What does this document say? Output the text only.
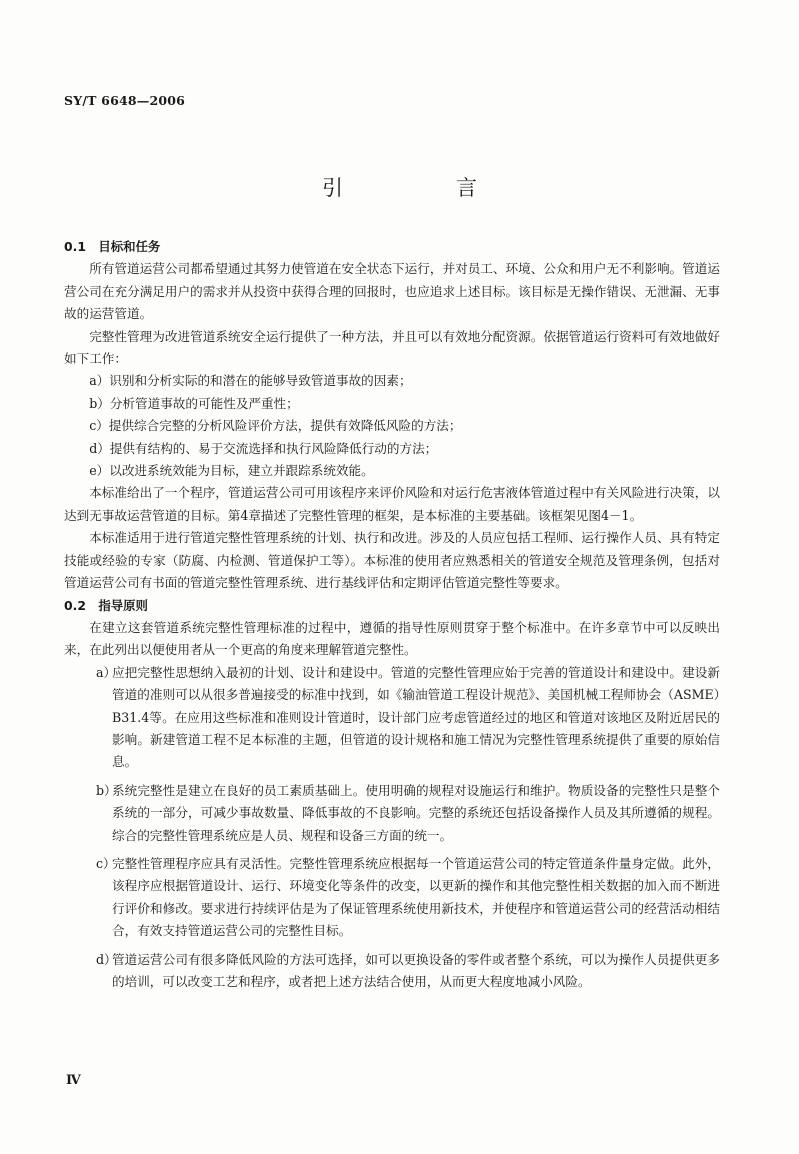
SY/T 6648—2006
引　言

0.1　目标和任务

所有管道运营公司都希望通过其努力使管道在安全状态下运行，并对员工、环境、公众和用户无不利影响。管道运营公司在充分满足用户的需求并从投资中获得合理的回报时，也应追求上述目标。该目标是无操作错误、无泄漏、无事故的运营管道。

完整性管理为改进管道系统安全运行提供了一种方法，并且可以有效地分配资源。依据管道运行资料可有效地做好如下工作：

a）识别和分析实际的和潜在的能够导致管道事故的因素；

b）分析管道事故的可能性及严重性；

c）提供综合完整的分析风险评价方法，提供有效降低风险的方法；

d）提供有结构的、易于交流选择和执行风险降低行动的方法；

e）以改进系统效能为目标，建立并跟踪系统效能。

本标准给出了一个程序，管道运营公司可用该程序来评价风险和对运行危害液体管道过程中有关风险进行决策，以达到无事故运营管道的目标。第4章描述了完整性管理的框架，是本标准的主要基础。该框架见图4－1。

本标准适用于进行管道完整性管理系统的计划、执行和改进。涉及的人员应包括工程师、运行操作人员、具有特定技能或经验的专家（防腐、内检测、管道保护工等）。本标准的使用者应熟悉相关的管道安全规范及管理条例，包括对管道运营公司有书面的管道完整性管理系统、进行基线评估和定期评估管道完整性等要求。

0.2　指导原则

在建立这套管道系统完整性管理标准的过程中，遵循的指导性原则贯穿于整个标准中。在许多章节中可以反映出来，在此列出以便使用者从一个更高的角度来理解管道完整性。

a）

应把完整性思想纳入最初的计划、设计和建设中。管道的完整性管理应始于完善的管道设计和建设中。建设新管道的准则可以从很多普遍接受的标准中找到，如《输油管道工程设计规范》、美国机械工程师协会（ASME）B31.4等。在应用这些标准和准则设计管道时，设计部门应考虑管道经过的地区和管道对该地区及附近居民的影响。新建管道工程不足本标准的主题，但管道的设计规格和施工情况为完整性管理系统提供了重要的原始信息。

b）

系统完整性是建立在良好的员工素质基础上。使用明确的规程对设施运行和维护。物质设备的完整性只是整个系统的一部分，可减少事故数量、降低事故的不良影响。完整的系统还包括设备操作人员及其所遵循的规程。综合的完整性管理系统应是人员、规程和设备三方面的统一。

c）

完整性管理程序应具有灵活性。完整性管理系统应根据每一个管道运营公司的特定管道条件量身定做。此外，该程序应根据管道设计、运行、环境变化等条件的改变，以更新的操作和其他完整性相关数据的加入而不断进行评价和修改。要求进行持续评估是为了保证管理系统使用新技术，并使程序和管道运营公司的经营活动相结合，有效支持管道运营公司的完整性目标。

d）

管道运营公司有很多降低风险的方法可选择，如可以更换设备的零件或者整个系统，可以为操作人员提供更多的培训，可以改变工艺和程序，或者把上述方法结合使用，从而更大程度地减小风险。

Ⅳ
